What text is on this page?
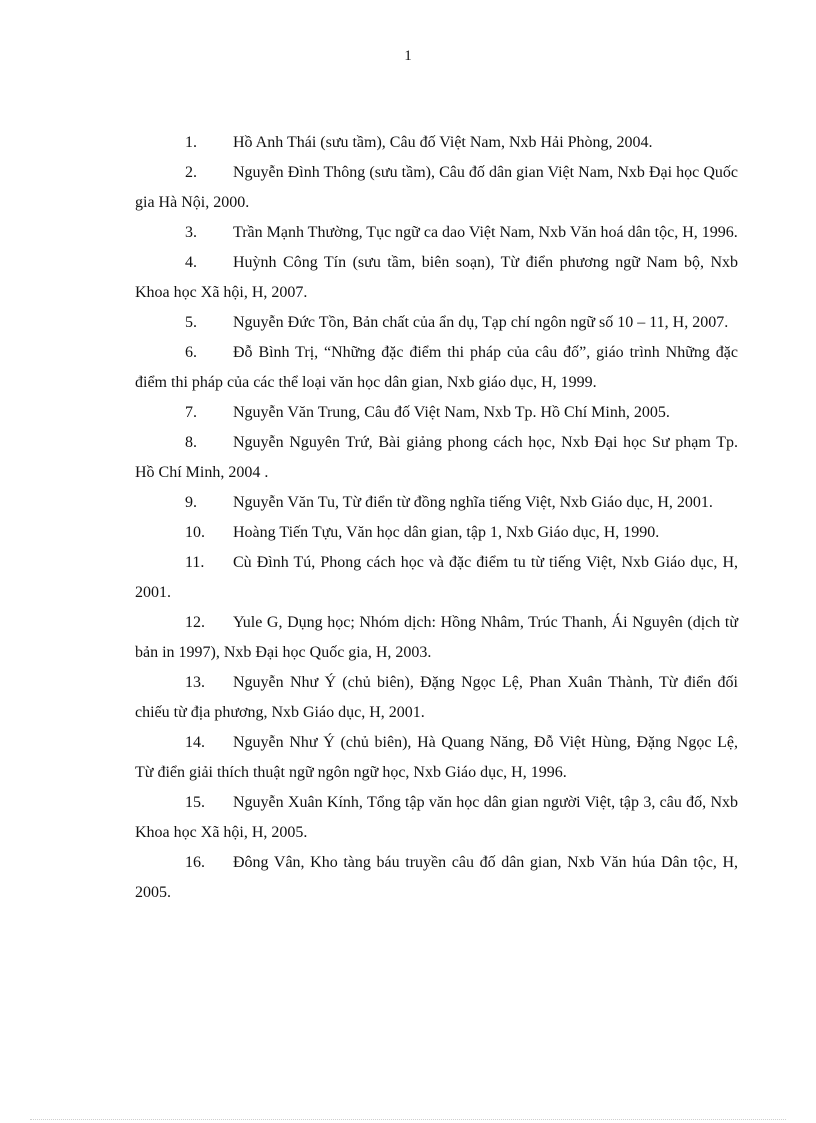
1

1. Hồ Anh Thái (sưu tầm), Câu đố Việt Nam, Nxb Hải Phòng, 2004.

2. Nguyễn Đình Thông (sưu tầm), Câu đố dân gian Việt Nam, Nxb Đại học Quốc gia Hà Nội, 2000.

3. Trần Mạnh Thường, Tục ngữ ca dao Việt Nam, Nxb Văn hoá dân tộc, H, 1996.

4. Huỳnh Công Tín (sưu tầm, biên soạn), Từ điển phương ngữ Nam bộ, Nxb Khoa học Xã hội, H, 2007.

5. Nguyễn Đức Tồn, Bản chất của ẩn dụ, Tạp chí ngôn ngữ số 10 – 11, H, 2007.

6. Đỗ Bình Trị, “Những đặc điểm thi pháp của câu đố”, giáo trình Những đặc điểm thi pháp của các thể loại văn học dân gian, Nxb giáo dục, H, 1999.

7. Nguyễn Văn Trung, Câu đố Việt Nam, Nxb Tp. Hồ Chí Minh, 2005.

8. Nguyễn Nguyên Trứ, Bài giảng phong cách học, Nxb Đại học Sư phạm Tp. Hồ Chí Minh, 2004 .

9. Nguyễn Văn Tu, Từ điển từ đồng nghĩa tiếng Việt, Nxb Giáo dục, H, 2001.

10. Hoàng Tiến Tựu, Văn học dân gian, tập 1, Nxb Giáo dục, H, 1990.

11. Cù Đình Tú, Phong cách học và đặc điểm tu từ tiếng Việt, Nxb Giáo dục, H, 2001.

12. Yule G, Dụng học; Nhóm dịch: Hồng Nhâm, Trúc Thanh, Ái Nguyên (dịch từ bản in 1997), Nxb Đại học Quốc gia, H, 2003.

13. Nguyễn Như Ý (chủ biên), Đặng Ngọc Lệ, Phan Xuân Thành, Từ điển đối chiếu từ địa phương, Nxb Giáo dục, H, 2001.

14. Nguyễn Như Ý (chủ biên), Hà Quang Năng, Đỗ Việt Hùng, Đặng Ngọc Lệ, Từ điển giải thích thuật ngữ ngôn ngữ học, Nxb Giáo dục, H, 1996.

15. Nguyễn Xuân Kính, Tổng tập văn học dân gian người Việt, tập 3, câu đố, Nxb Khoa học Xã hội, H, 2005.

16. Đông Vân, Kho tàng báu truyền câu đố dân gian, Nxb Văn húa Dân tộc, H, 2005.
